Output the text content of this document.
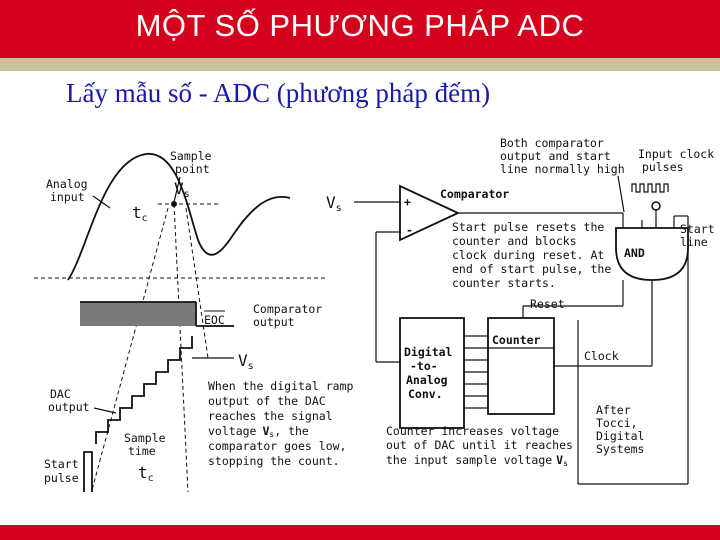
MỘT SỐ PHƯƠNG PHÁP ADC
Lấy mẫu số - ADC (phương pháp đếm)
Analog
input
Sample
point
Vs
tc
EOC
Comparator
output
Vs
DAC
output
Sample
time
tc
Start
pulse
When the digital ramp
output of the DAC
reaches the signal
voltage Vs, the
comparator goes low,
stopping the count.
Vs	+
-
Comparator
Both comparator
output and start
line normally high
Input clock
pulses
AND
Start
line
Start pulse resets the
counter and blocks
clock during reset. At
end of start pulse, the
counter starts.
Digital
-to-
Analog
Conv.
Counter
Reset
Clock
Counter increases voltage
out of DAC until it reaches
the input sample voltage Vs
After
Tocci,
Digital
Systems
